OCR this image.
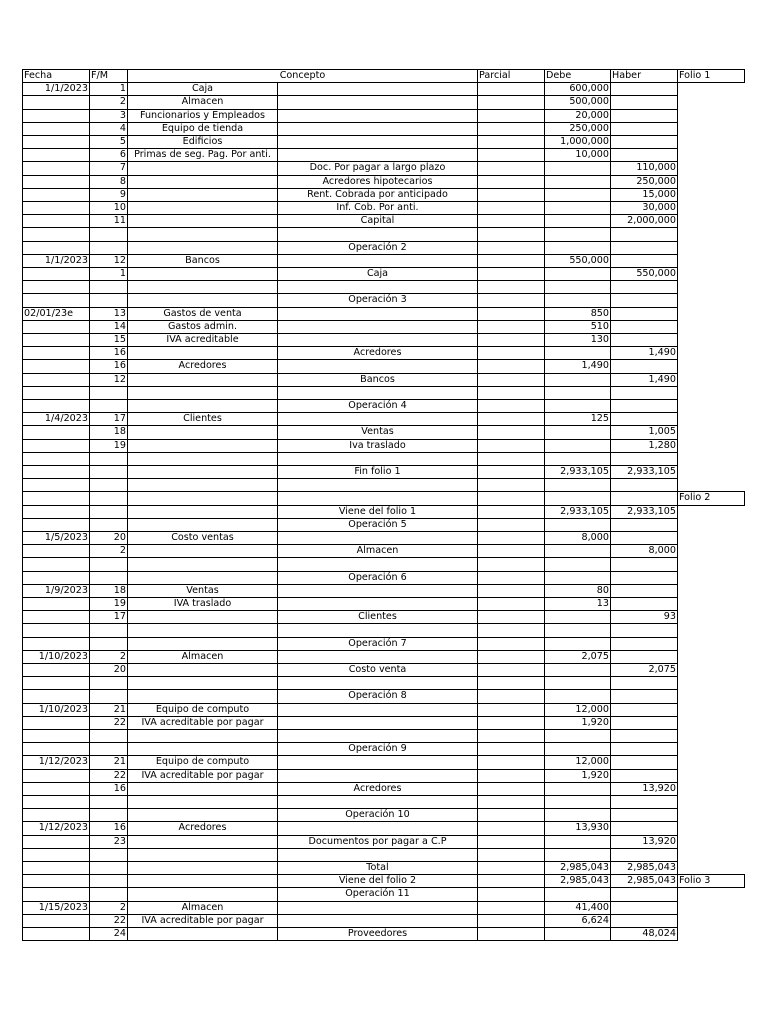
Fecha	F/M	Concepto		Parcial	Debe	Haber	Folio 1
1/1/2023	1	Caja			600,000		
	2	Almacen			500,000		
	3	Funcionarios y Empleados			20,000		
	4	Equipo de tienda			250,000		
	5	Edificios			1,000,000		
	6	Primas de seg. Pag. Por anti.			10,000		
	7		Doc. Por pagar a largo plazo			110,000	
	8		Acredores hipotecarios			250,000	
	9		Rent. Cobrada por anticipado			15,000	
	10		Inf. Cob. Por anti.			30,000	
	11		Capital			2,000,000	

			Operación 2				
1/1/2023	12	Bancos			550,000		
	1		Caja			550,000	

			Operación 3				
02/01/23e	13	Gastos de venta			850		
	14	Gastos admin.			510		
	15	IVA acreditable			130		
	16		Acredores			1,490	
	16	Acredores			1,490		
	12		Bancos			1,490	

			Operación 4				
1/4/2023	17	Clientes			125		
	18		Ventas			1,005	
	19		Iva traslado			1,280	

			Fin folio 1		2,933,105	2,933,105	

							Folio 2
			Viene del folio 1		2,933,105	2,933,105	
			Operación 5				
1/5/2023	20	Costo ventas			8,000		
	2		Almacen			8,000	

			Operación 6				
1/9/2023	18	Ventas			80		
	19	IVA traslado			13		
	17		Clientes			93	

			Operación 7				
1/10/2023	2	Almacen			2,075		
	20		Costo venta			2,075	

			Operación 8				
1/10/2023	21	Equipo de computo			12,000		
	22	IVA acreditable por pagar			1,920		

			Operación 9				
1/12/2023	21	Equipo de computo			12,000		
	22	IVA acreditable por pagar			1,920		
	16		Acredores			13,920	

			Operación 10				
1/12/2023	16	Acredores			13,930		
	23		Documentos por pagar a C.P			13,920	

			Total		2,985,043	2,985,043	
			Viene del folio 2		2,985,043	2,985,043	Folio 3
			Operación 11				
1/15/2023	2	Almacen			41,400		
	22	IVA acreditable por pagar			6,624		
	24		Proveedores			48,024	
